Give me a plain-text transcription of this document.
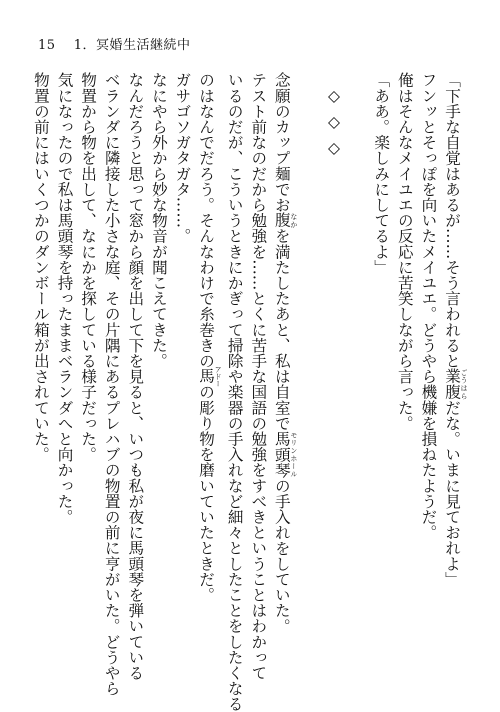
15 1．冥婚生活継続中
「下手な自覚はあるが……そう言われると業腹 ごうはらだな。いまに見ておれよ」
フンッとそっぽを向いたメイユエ。どうやら機嫌を損ねたようだ。
俺はそんなメイユエの反応に苦笑しながら言った。
「ああ。楽しみにしてるよ」
◇◇◇
念願のカップ麺でお腹 なかを満たしたあと、私は自室で馬頭琴 モリンホールの手入れをしていた。
テスト前なのだから勉強を……とくに苦手な国語の勉強をすべきということはわかって
いるのだが、こういうときにかぎって掃除や楽器の手入れなど細々としたことをしたくなる
のはなんでだろう。そんなわけで糸巻きの馬 アドーの彫り物を磨いていたときだ。
ガサゴソガタガタ……。
なにやら外から妙な物音が聞こえてきた。
なんだろうと思って窓から顔を出して下を見ると、いつも私が夜に馬頭琴を弾いている
ベランダに隣接した小さな庭、その片隅にあるプレハブの物置の前に亨がいた。どうやら
物置から物を出して、なにかを探している様子だった。
気になったので私は馬頭琴を持ったままベランダへと向かった。
物置の前にはいくつかのダンボール箱が出されていた。
